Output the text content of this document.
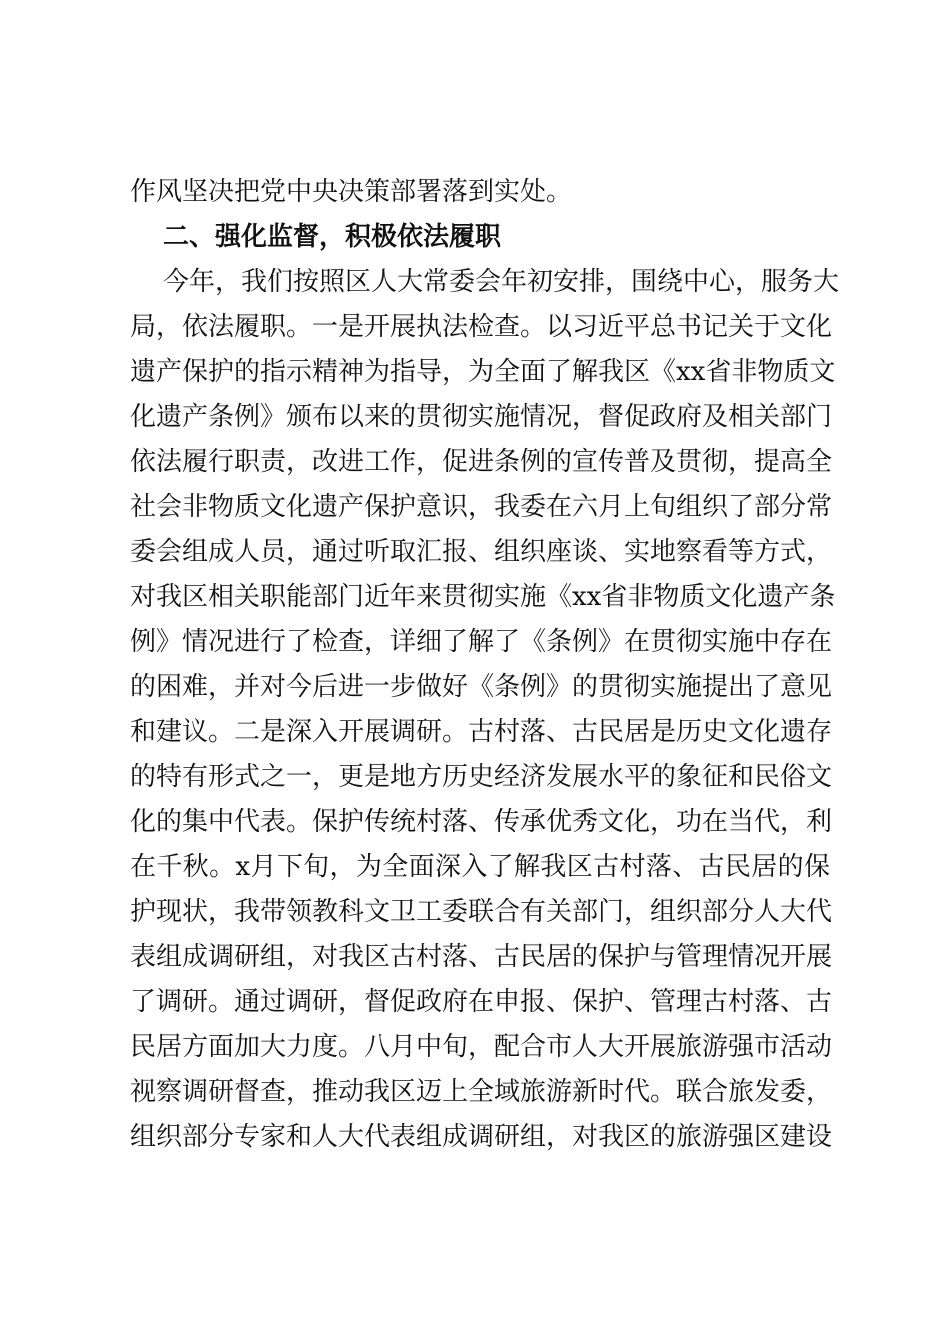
作风坚决把党中央决策部署落到实处。
二、强化监督，积极依法履职
今年，我们按照区人大常委会年初安排，围绕中心，服务大
局，依法履职。一是开展执法检查。以习近平总书记关于文化
遗产保护的指示精神为指导，为全面了解我区《xx省非物质文
化遗产条例》颁布以来的贯彻实施情况，督促政府及相关部门
依法履行职责，改进工作，促进条例的宣传普及贯彻，提高全
社会非物质文化遗产保护意识，我委在六月上旬组织了部分常
委会组成人员，通过听取汇报、组织座谈、实地察看等方式，
对我区相关职能部门近年来贯彻实施《xx省非物质文化遗产条
例》情况进行了检查，详细了解了《条例》在贯彻实施中存在
的困难，并对今后进一步做好《条例》的贯彻实施提出了意见
和建议。二是深入开展调研。古村落、古民居是历史文化遗存
的特有形式之一，更是地方历史经济发展水平的象征和民俗文
化的集中代表。保护传统村落、传承优秀文化，功在当代，利
在千秋。x月下旬，为全面深入了解我区古村落、古民居的保
护现状，我带领教科文卫工委联合有关部门，组织部分人大代
表组成调研组，对我区古村落、古民居的保护与管理情况开展
了调研。通过调研，督促政府在申报、保护、管理古村落、古
民居方面加大力度。八月中旬，配合市人大开展旅游强市活动
视察调研督查，推动我区迈上全域旅游新时代。联合旅发委，
组织部分专家和人大代表组成调研组，对我区的旅游强区建设
